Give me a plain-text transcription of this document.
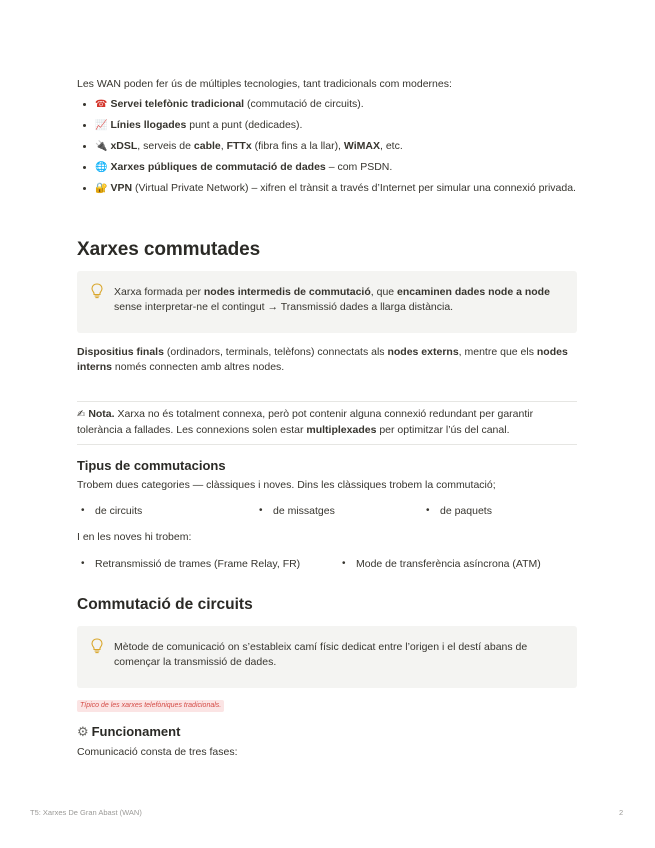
Les WAN poden fer ús de múltiples tecnologies, tant tradicionals com modernes:

• ☎ Servei telefònic tradicional (commutació de circuits).
• 📈 Línies llogades punt a punt (dedicades).
• 🔌 xDSL, serveis de cable, FTTx (fibra fins a la llar), WiMAX, etc.
• 🌐 Xarxes públiques de commutació de dades – com PSDN.
• 🔐 VPN (Virtual Private Network) – xifren el trànsit a través d’Internet per simular una connexió privada.
Xarxes commutades

Xarxa formada per nodes intermedis de commutació, que encaminen dades node a node sense interpretar-ne el contingut → Transmissió dades a llarga distància.

Dispositius finals (ordinadors, terminals, telèfons) connectats als nodes externs, mentre que els nodes interns només connecten amb altres nodes.

✍ Nota. Xarxa no és totalment connexa, però pot contenir alguna connexió redundant per garantir tolerància a fallades. Les connexions solen estar multiplexades per optimitzar l’ús del canal.
Tipus de commutacions

Trobem dues categories — clàssiques i noves. Dins les clàssiques trobem la commutació;

• de circuits	• de missatges	• de paquets

I en les noves hi trobem:

• Retransmissió de trames (Frame Relay, FR)	• Mode de transferència asíncrona (ATM)
Commutació de circuits

Mètode de comunicació on s’estableix camí físic dedicat entre l’origen i el destí abans de començar la transmissió de dades.

Típico de les xarxes telefòniques tradicionals.
⚙ Funcionament

Comunicació consta de tres fases:

T5: Xarxes De Gran Abast (WAN)	2
